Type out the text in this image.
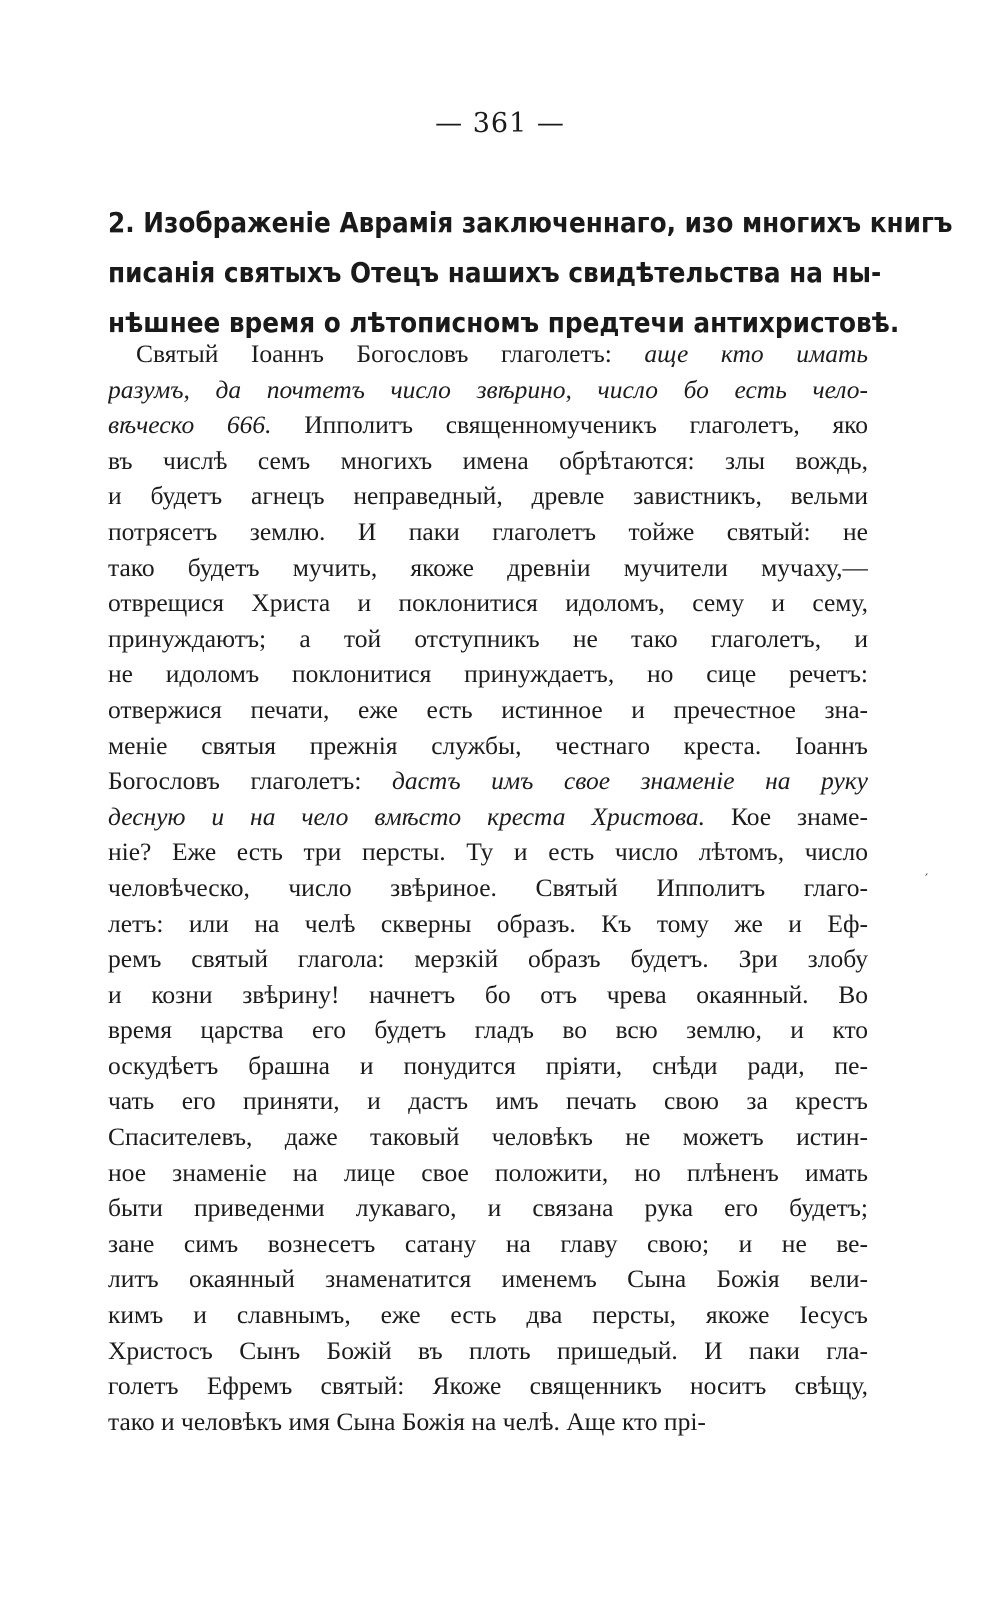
— 361 —
2. Изображеніе Аврамія заключеннаго, изо многихъ книгъ
писанія святыхъ Отецъ нашихъ свидѣтельства на ны-
нѣшнее время о лѣтописномъ предтечи антихристовѣ.
Святый Іоаннъ Богословъ глаголетъ: аще кто имать
разумъ, да почтетъ число звѣрино, число бо есть чело-
вѣческо 666. Ипполитъ священномученикъ глаголетъ, яко
въ числѣ семъ многихъ имена обрѣтаются: злы вождь,
и будетъ агнецъ неправедный, древле завистникъ, вельми
потрясетъ землю. И паки глаголетъ тойже святый: не
тако будетъ мучить, якоже древніи мучители мучаху,—
отврещися Христа и поклонитися идоломъ, сему и сему,
принуждаютъ; а той отступникъ не тако глаголетъ, и
не идоломъ поклонитися принуждаетъ, но сице речетъ:
отвержися печати, еже есть истинное и пречестное зна-
меніе святыя прежнія службы, честнаго креста. Іоаннъ
Богословъ глаголетъ: дастъ имъ свое знаменіе на руку
десную и на чело вмѣсто креста Христова. Кое знаме-
ніе? Еже есть три персты. Ту и есть число лѣтомъ, число
человѣческо, число звѣриное. Святый Ипполитъ глаго-
летъ: или на челѣ скверны образъ. Къ тому же и Еф-
ремъ святый глагола: мерзкій образъ будетъ. Зри злобу
и козни звѣрину! начнетъ бо отъ чрева окаянный. Во
время царства его будетъ гладъ во всю землю, и кто
оскудѣетъ брашна и понудится пріяти, снѣди ради, пе-
чать его приняти, и дастъ имъ печать свою за крестъ
Спасителевъ, даже таковый человѣкъ не можетъ истин-
ное знаменіе на лице свое положити, но плѣненъ имать
быти приведенми лукаваго, и связана рука его будетъ;
зане симъ вознесетъ сатану на главу свою; и не ве-
литъ окаянный знаменатится именемъ Сына Божія вели-
кимъ и славнымъ, еже есть два персты, якоже Іесусъ
Христосъ Сынъ Божій въ плоть пришедый. И паки гла-
голетъ Ефремъ святый: Якоже священникъ носитъ свѣщу,
тако и человѣкъ имя Сына Божія на челѣ. Аще кто прі-
′
